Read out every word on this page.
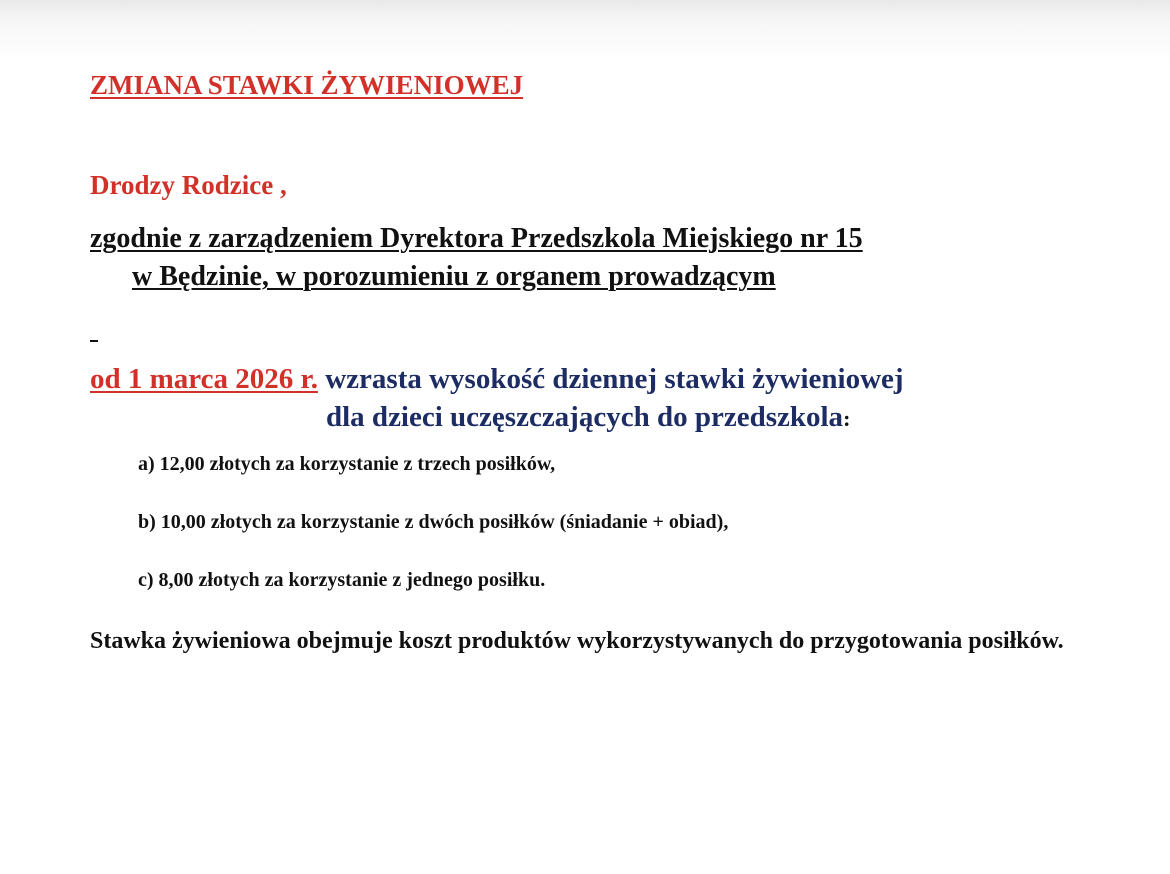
ZMIANA STAWKI ŻYWIENIOWEJ
Drodzy Rodzice ,
zgodnie z zarządzeniem Dyrektora Przedszkola Miejskiego nr 15
w Będzinie, w porozumieniu z organem prowadzącym
od 1 marca 2026 r. wzrasta wysokość dziennej stawki żywieniowej
dla dzieci uczęszczających do przedszkola:
a) 12,00 złotych za korzystanie z trzech posiłków,
b) 10,00 złotych za korzystanie z dwóch posiłków (śniadanie + obiad),
c) 8,00 złotych za korzystanie z jednego posiłku.
Stawka żywieniowa obejmuje koszt produktów wykorzystywanych do przygotowania posiłków.
